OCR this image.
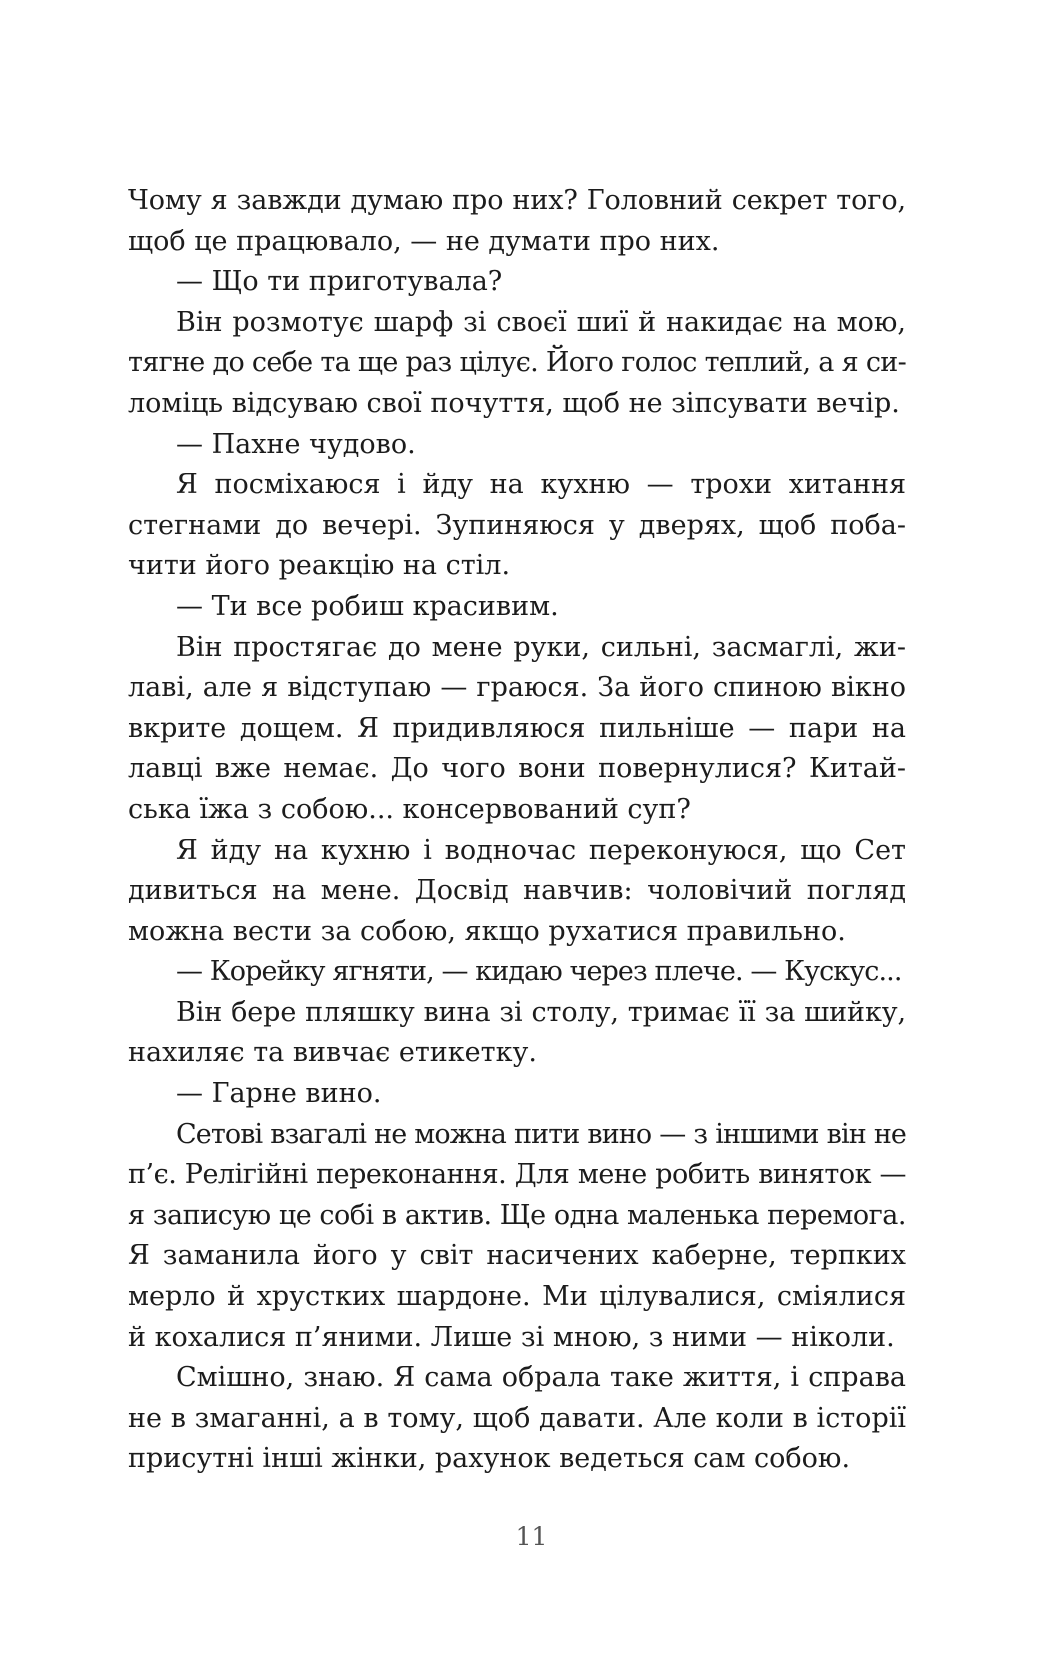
Чому я завжди думаю про них? Головний секрет того,
щоб це працювало, — не думати про них.
— Що ти приготувала?
Він розмотує шарф зі своєї шиї й накидає на мою,
тягне до себе та ще раз цілує. Його голос теплий, а я си-
ломіць відсуваю свої почуття, щоб не зіпсувати вечір.
— Пахне чудово.
Я посміхаюся і йду на кухню — трохи хитання
стегнами до вечері. Зупиняюся у дверях, щоб поба-
чити його реакцію на стіл.
— Ти все робиш красивим.
Він простягає до мене руки, сильні, засмаглі, жи-
лаві, але я відступаю — граюся. За його спиною вікно
вкрите дощем. Я придивляюся пильніше — пари на
лавці вже немає. До чого вони повернулися? Китай-
ська їжа з собою... консервований суп?
Я йду на кухню і водночас переконуюся, що Сет
дивиться на мене. Досвід навчив: чоловічий погляд
можна вести за собою, якщо рухатися правильно.
— Корейку ягняти, — кидаю через плече. — Кускус...
Він бере пляшку вина зі столу, тримає її за шийку,
нахиляє та вивчає етикетку.
— Гарне вино.
Сетові взагалі не можна пити вино — з іншими він не
п’є. Релігійні переконання. Для мене робить виняток —
я записую це собі в актив. Ще одна маленька перемога.
Я заманила його у світ насичених каберне, терпких
мерло й хрустких шардоне. Ми цілувалися, сміялися
й кохалися п’яними. Лише зі мною, з ними — ніколи.
Смішно, знаю. Я сама обрала таке життя, і справа
не в змаганні, а в тому, щоб давати. Але коли в історії
присутні інші жінки, рахунок ведеться сам собою.
11
